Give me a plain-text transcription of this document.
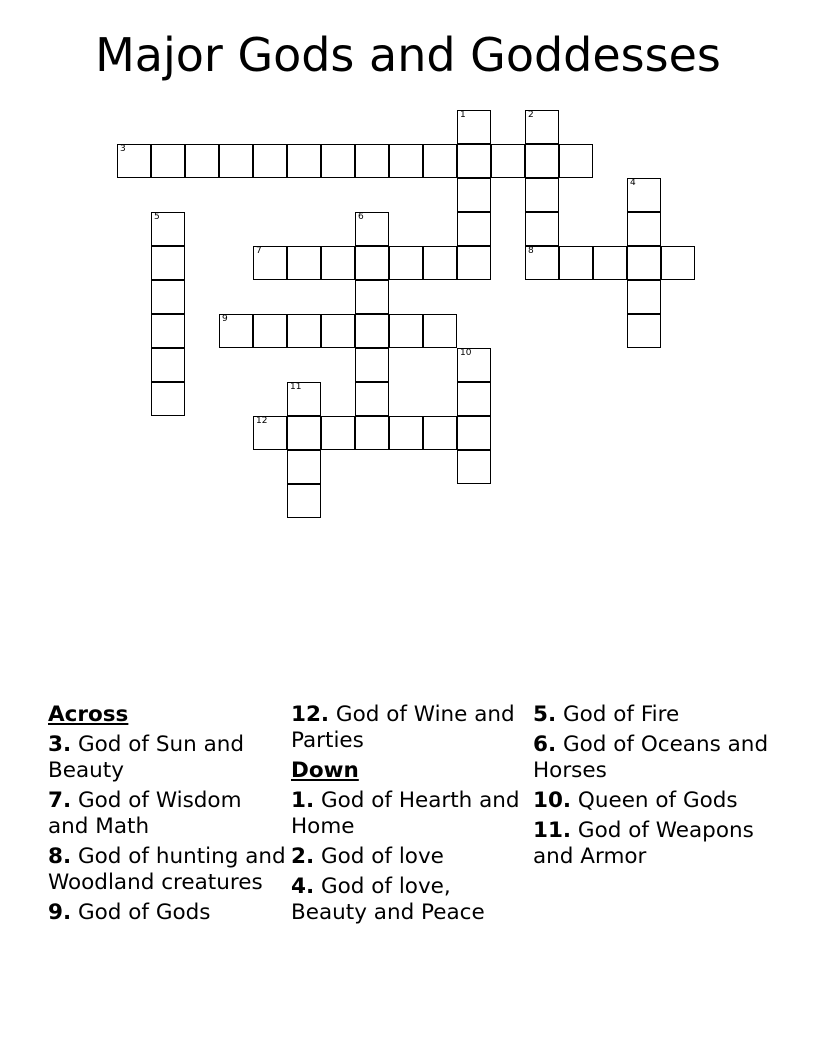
Major Gods and Goddesses
1	2
8
3
4
5	6
7
9
10
11
12
Across
3. God of Sun and Beauty
7. God of Wisdom and Math
8. God of hunting and Woodland creatures
9. God of Gods
12. God of Wine and Parties
Down
1. God of Hearth and Home
2. God of love
4. God of love, Beauty and Peace
5. God of Fire
6. God of Oceans and Horses
10. Queen of Gods
11. God of Weapons and Armor
